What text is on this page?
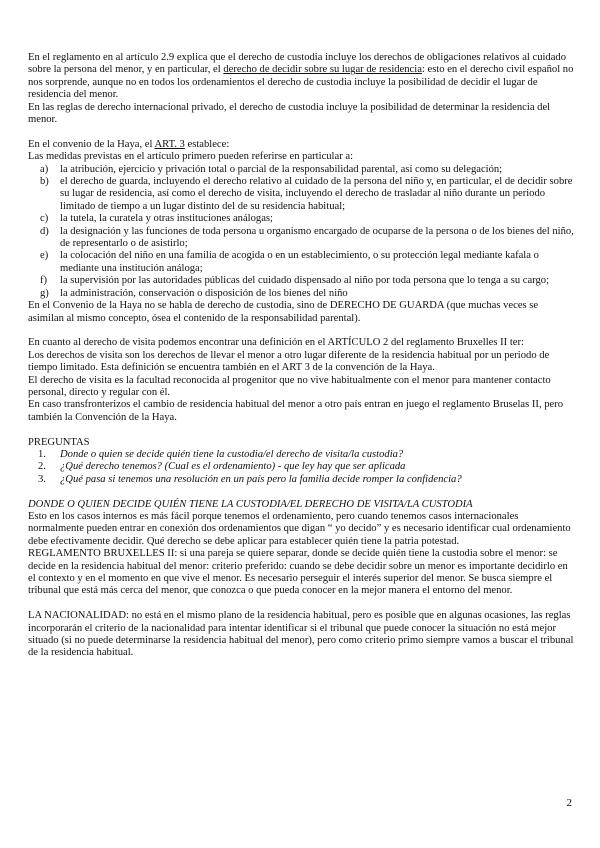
En el reglamento en al artículo 2.9 explica que el derecho de custodia incluye los derechos de obligaciones relativos al cuidado sobre la persona del menor, y en particular, el derecho de decidir sobre su lugar de residencia: esto en el derecho civil español no nos sorprende, aunque no en todos los ordenamientos el derecho de custodia incluye la posibilidad de decidir el lugar de residencia del menor.

En las reglas de derecho internacional privado, el derecho de custodia incluye la posibilidad de determinar la residencia del menor.

En el convenio de la Haya, el ART. 3 establece:

Las medidas previstas en el artículo primero pueden referirse en particular a:

a)	la atribución, ejercicio y privación total o parcial de la responsabilidad parental, así como su delegación;
b)	el derecho de guarda, incluyendo el derecho relativo al cuidado de la persona del niño y, en particular, el de decidir sobre su lugar de residencia, así como el derecho de visita, incluyendo el derecho de trasladar al niño durante un periodo limitado de tiempo a un lugar distinto del de su residencia habitual;
c)	la tutela, la curatela y otras instituciones análogas;
d)	la designación y las funciones de toda persona u organismo encargado de ocuparse de la persona o de los bienes del niño, de representarlo o de asistirlo;
e)	la colocación del niño en una familia de acogida o en un establecimiento, o su protección legal mediante kafala o mediante una institución análoga;
f)	la supervisión por las autoridades públicas del cuidado dispensado al niño por toda persona que lo tenga a su cargo;
g)	la administración, conservación o disposición de los bienes del niño

En el Convenio de la Haya no se habla de derecho de custodia, sino de DERECHO DE GUARDA (que muchas veces se asimilan al mismo concepto, ósea el contenido de la responsabilidad parental).

En cuanto al derecho de visita podemos encontrar una definición en el ARTÍCULO 2 del reglamento Bruxelles II ter:

Los derechos de visita son los derechos de llevar el menor a otro lugar diferente de la residencia habitual por un periodo de tiempo limitado. Esta definición se encuentra también en el ART 3 de la convención de la Haya.

El derecho de visita es la facultad reconocida al progenitor que no vive habitualmente con el menor para mantener contacto personal, directo y regular con él.

En caso transfronterizos el cambio de residencia habitual del menor a otro país entran en juego el reglamento Bruselas II, pero también la Convención de la Haya.

PREGUNTAS

1.	Donde o quien se decide quién tiene la custodia/el derecho de visita/la custodia?
2.	¿Qué derecho tenemos? (Cual es el ordenamiento) - que ley hay que ser aplicada
3.	¿Qué pasa si tenemos una resolución en un país pero la familia decide romper la confidencia?

DONDE O QUIEN DECIDE QUIÉN TIENE LA CUSTODIA/EL DERECHO DE VISITA/LA CUSTODIA

Esto en los casos internos es más fácil porque tenemos el ordenamiento, pero cuando tenemos casos internacionales normalmente pueden entrar en conexión dos ordenamientos que digan “ yo decido” y es necesario identificar cual ordenamiento debe efectivamente decidir. Qué derecho se debe aplicar para establecer quién tiene la patria potestad.

REGLAMENTO BRUXELLES II: si una pareja se quiere separar, donde se decide quién tiene la custodia sobre el menor: se decide en la residencia habitual del menor: criterio preferido: cuando se debe decidir sobre un menor es importante decidirlo en el contexto y en el momento en que vive el menor. Es necesario perseguir el interés superior del menor. Se busca siempre el tribunal que está más cerca del menor, que conozca o que pueda conocer en la mejor manera el entorno del menor.

LA NACIONALIDAD: no está en el mismo plano de la residencia habitual, pero es posible que en algunas ocasiones, las reglas incorporarán el criterio de la nacionalidad para intentar identificar si el tribunal que puede conocer la situación no está mejor situado (si no puede determinarse la residencia habitual del menor), pero como criterio primo siempre vamos a buscar el tribunal de la residencia habitual.

2
